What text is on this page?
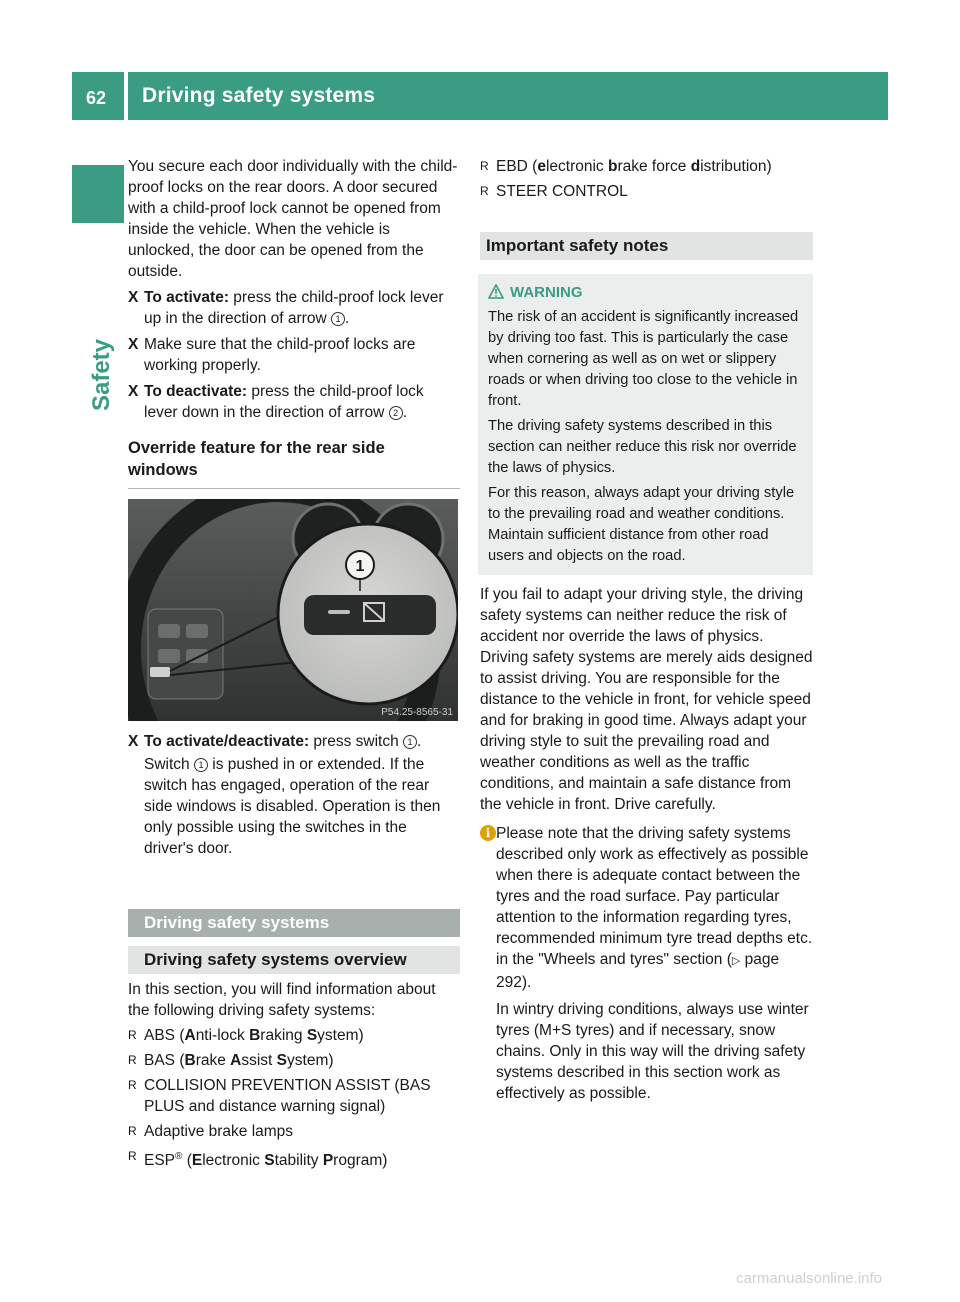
62 Driving safety systems
Safety

You secure each door individually with the child-proof locks on the rear doors. A door secured with a child-proof lock cannot be opened from inside the vehicle. When the vehicle is unlocked, the door can be opened from the outside.

X To activate: press the child-proof lock lever up in the direction of arrow 1 .
X Make sure that the child-proof locks are working properly.
X To deactivate: press the child-proof lock lever down in the direction of arrow 2 .
Override feature for the rear side windows
1
P54.25-8565-31
X To activate/deactivate: press switch 1 .
Switch 1 is pushed in or extended. If the switch has engaged, operation of the rear side windows is disabled. Operation is then only possible using the switches in the driver's door.
Driving safety systems
Driving safety systems overview

In this section, you will find information about the following driving safety systems:

R ABS (Anti-lock Braking System)
R BAS (Brake Assist System)
R COLLISION PREVENTION ASSIST (BAS PLUS and distance warning signal)
R Adaptive brake lamps
R ESP® (Electronic Stability Program)
R EBD (electronic brake force distribution)
R STEER CONTROL
Important safety notes
WARNING

The risk of an accident is significantly increased by driving too fast. This is particularly the case when cornering as well as on wet or slippery roads or when driving too close to the vehicle in front.

The driving safety systems described in this section can neither reduce this risk nor override the laws of physics.

For this reason, always adapt your driving style to the prevailing road and weather conditions. Maintain sufficient distance from other road users and objects on the road.

If you fail to adapt your driving style, the driving safety systems can neither reduce the risk of accident nor override the laws of physics. Driving safety systems are merely aids designed to assist driving. You are responsible for the distance to the vehicle in front, for vehicle speed and for braking in good time. Always adapt your driving style to suit the prevailing road and weather conditions as well as the traffic conditions, and maintain a safe distance from the vehicle in front. Drive carefully.

i Please note that the driving safety systems described only work as effectively as possible when there is adequate contact between the tyres and the road surface. Pay particular attention to the information regarding tyres, recommended minimum tyre tread depths etc. in the "Wheels and tyres" section (▷ page 292).

In wintry driving conditions, always use winter tyres (M+S tyres) and if necessary, snow chains. Only in this way will the driving safety systems described in this section work as effectively as possible.

carmanualsonline.info
